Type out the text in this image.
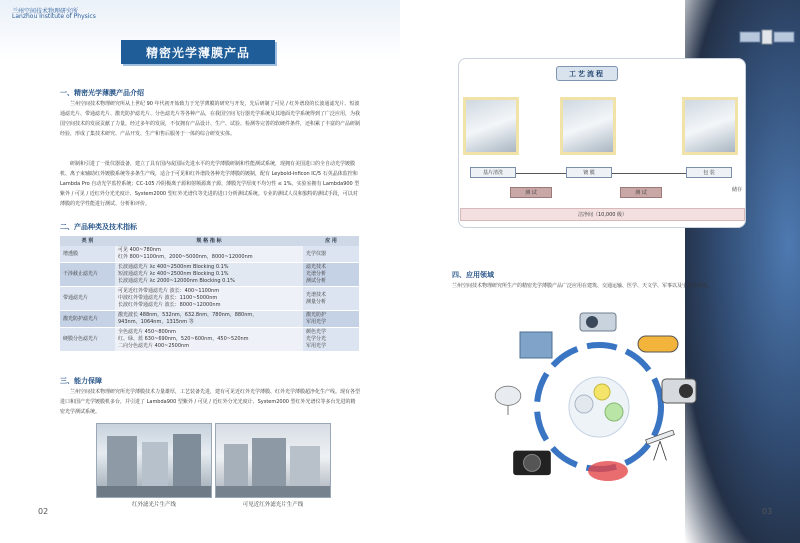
兰州空间技术物理研究所
Lanzhou Institute of Physics
精密光学薄膜产品
一、精密光学薄膜产品介绍
兰州空间技术物理研究所从上世纪 90 年代初开始致力于光学薄膜的研究与开发，先后研制了可见 / 红外谱段的长波通滤光片、短波通滤光片、带通滤光片、激光防护滤光片、分色滤光片等各种产品，在我国空间飞行器光学系统及其地面光学系统得到了广泛应用，为我国空间技术的发展贡献了力量。经过多年的发展，不仅拥有产品设计、生产、试验、检测等完善的软硬件条件，还积累了丰富的产品研制经验，形成了集技术研究、产品开发、生产和售后服务于一体的综合研发实体。
研制和引进了一批仪器设备，建立了具有国内或国际先进水平的光学薄膜研制和性能测试系统，现拥有美国进口的全自动光学镀膜机、离子束辅助红外镀膜系统等多条生产线，适合于可见和红外谱段各种光学薄膜的镀制，配有 Leybold-Inficon IC/5 石英晶体监控和 Lambda Pro 自动光学监控系统；CC-105 冷阴极离子源和射频源离子源，薄膜光学厚度不均匀性 ≤ 1%。实验室拥有 Lambda900 型紫外 / 可见 / 近红外分光光度计、System2000 型红外光谱仪等先进的进口分析测试系统。专业的测试人员和独特的测试手段，可以对薄膜的光学性能进行测试、分析和评价。
二、产品种类及技术指标
类 别	规 格 指 标	应 用
增透膜	可见 400~780nm
红外 800~1100nm，2000~5000nm，8000~12000nm	光学仪器
干涉截止滤光片	长波通滤光片 λc 400~2500nm Blocking 0.1%
短波通滤光片 λc 400~2500nm Blocking 0.1%
长波通滤光片 λc 2000~12000nm Blocking 0.1%	滤光技术
光谱分析
测试分析
带通滤光片	可见近红外带通滤光片 波长：400~1100nm
中波红外带通滤光片 波长：1100~5000nm
长波红外带通滤光片 波长：8000~12000nm	光谱技术
测量分析
激光防护滤光片	激光波长 488nm，532nm，632.8nm，780nm，880nm，
943nm，1064nm，1315nm 等	激光防护
军用光学
硬膜分色滤光片	全色滤光片 450~800nm
红、绿、蓝 630~690nm，520~600nm，450~520nm
二向分色滤光片 400~2500nm	颜色光学
光学分光
军用光学
三、能力保障
兰州空间技术物理研究所光学薄膜技术力量雄厚，工艺装备先进，建有可见近红外光学薄膜、红外光学薄膜超净化生产线。现有各型进口和国产光学镀膜机多台，并引进了 Lambda900 型紫外 / 可见 / 近红外分光光度计、System2000 型红外光谱仪等多台先进的精密光学测试系统。
红外滤光片生产线	可见近红外滤光片生产线
02
工艺流程
基片清洗	镀 膜	包 装
储存
测 试	测 试
洁净间（10,000 级）
四、应用领域
兰州空间技术物理研究所生产的精密光学薄膜产品广泛应用在建筑、交通运输、医学、天文学、军事以及宇航等领域。
03
